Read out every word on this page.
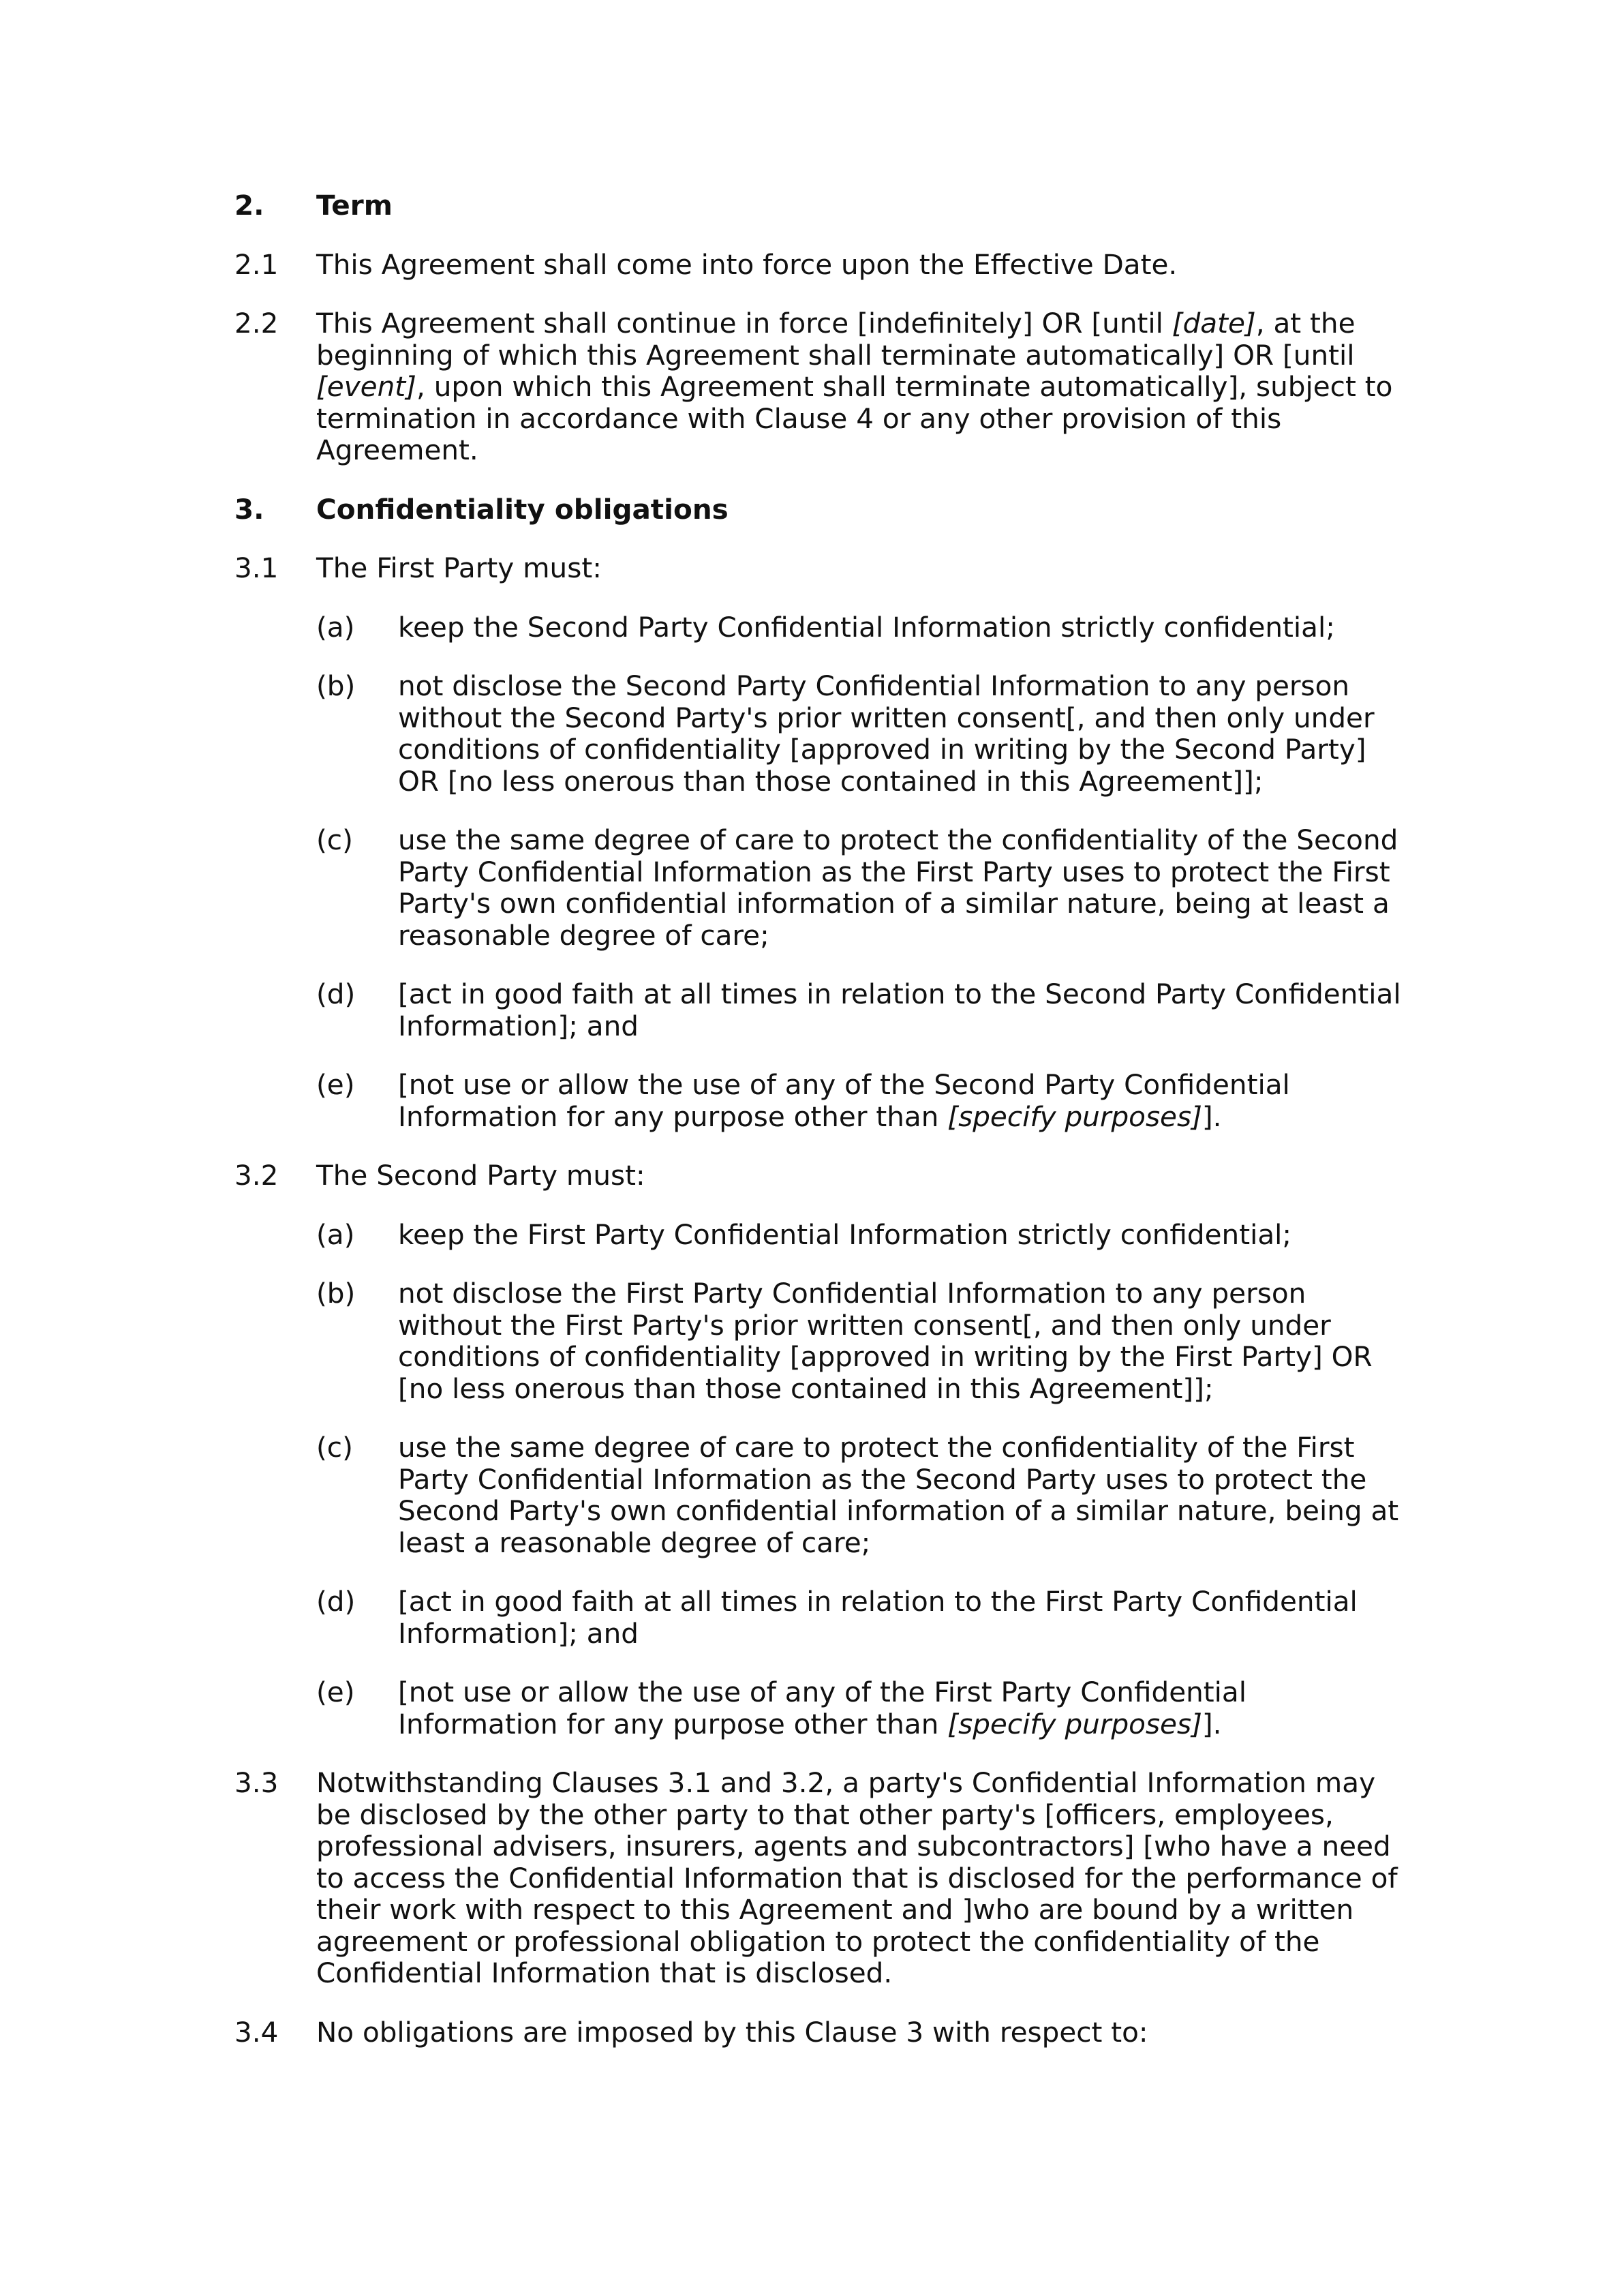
2. Term
2.1 This Agreement shall come into force upon the Effective Date.
2.2 This Agreement shall continue in force [indefinitely] OR [until [date], at the beginning of which this Agreement shall terminate automatically] OR [until [event], upon which this Agreement shall terminate automatically], subject to termination in accordance with Clause 4 or any other provision of this Agreement.
3. Confidentiality obligations
3.1 The First Party must:
(a) keep the Second Party Confidential Information strictly confidential;
(b) not disclose the Second Party Confidential Information to any person without the Second Party's prior written consent[, and then only under conditions of confidentiality [approved in writing by the Second Party] OR [no less onerous than those contained in this Agreement]];
(c) use the same degree of care to protect the confidentiality of the Second Party Confidential Information as the First Party uses to protect the First Party's own confidential information of a similar nature, being at least a reasonable degree of care;
(d) [act in good faith at all times in relation to the Second Party Confidential Information]; and
(e) [not use or allow the use of any of the Second Party Confidential Information for any purpose other than [specify purposes]].
3.2 The Second Party must:
(a) keep the First Party Confidential Information strictly confidential;
(b) not disclose the First Party Confidential Information to any person without the First Party's prior written consent[, and then only under conditions of confidentiality [approved in writing by the First Party] OR [no less onerous than those contained in this Agreement]];
(c) use the same degree of care to protect the confidentiality of the First Party Confidential Information as the Second Party uses to protect the Second Party's own confidential information of a similar nature, being at least a reasonable degree of care;
(d) [act in good faith at all times in relation to the First Party Confidential Information]; and
(e) [not use or allow the use of any of the First Party Confidential Information for any purpose other than [specify purposes]].
3.3 Notwithstanding Clauses 3.1 and 3.2, a party's Confidential Information may be disclosed by the other party to that other party's [officers, employees, professional advisers, insurers, agents and subcontractors] [who have a need to access the Confidential Information that is disclosed for the performance of their work with respect to this Agreement and ]who are bound by a written agreement or professional obligation to protect the confidentiality of the Confidential Information that is disclosed.
3.4 No obligations are imposed by this Clause 3 with respect to:
